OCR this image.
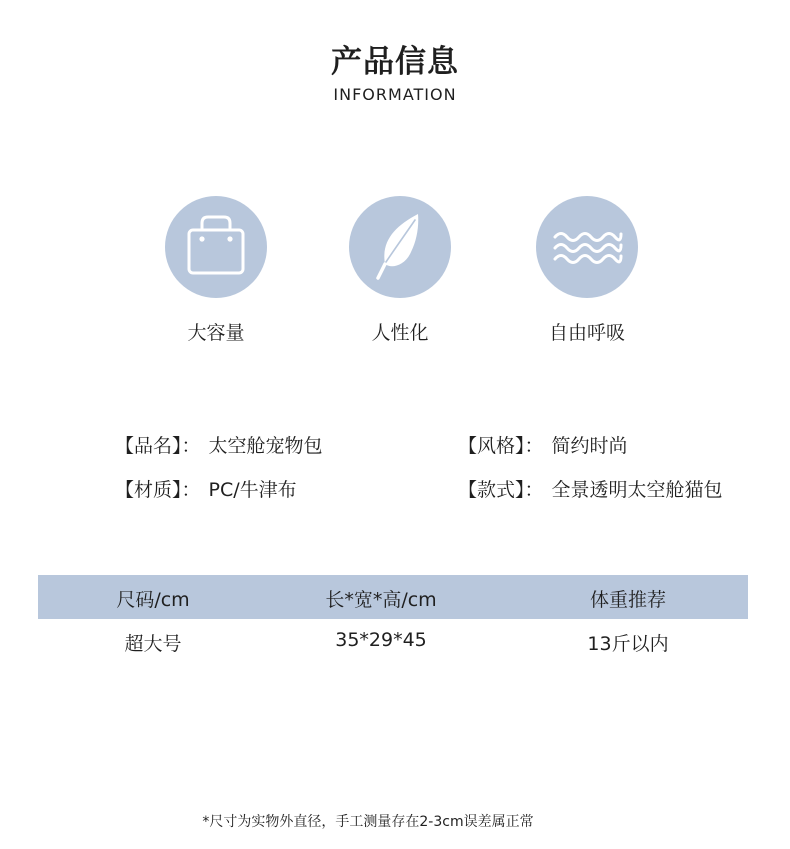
产品信息
INFORMATION
大容量	人性化	自由呼吸
【品名】： 太空舱宠物包	【风格】： 简约时尚
【材质】： PC/牛津布	【款式】： 全景透明太空舱猫包
尺码/cm	长*宽*高/cm	体重推荐
超大号	35*29*45	13斤以内
*尺寸为实物外直径，手工测量存在2-3cm误差属正常
